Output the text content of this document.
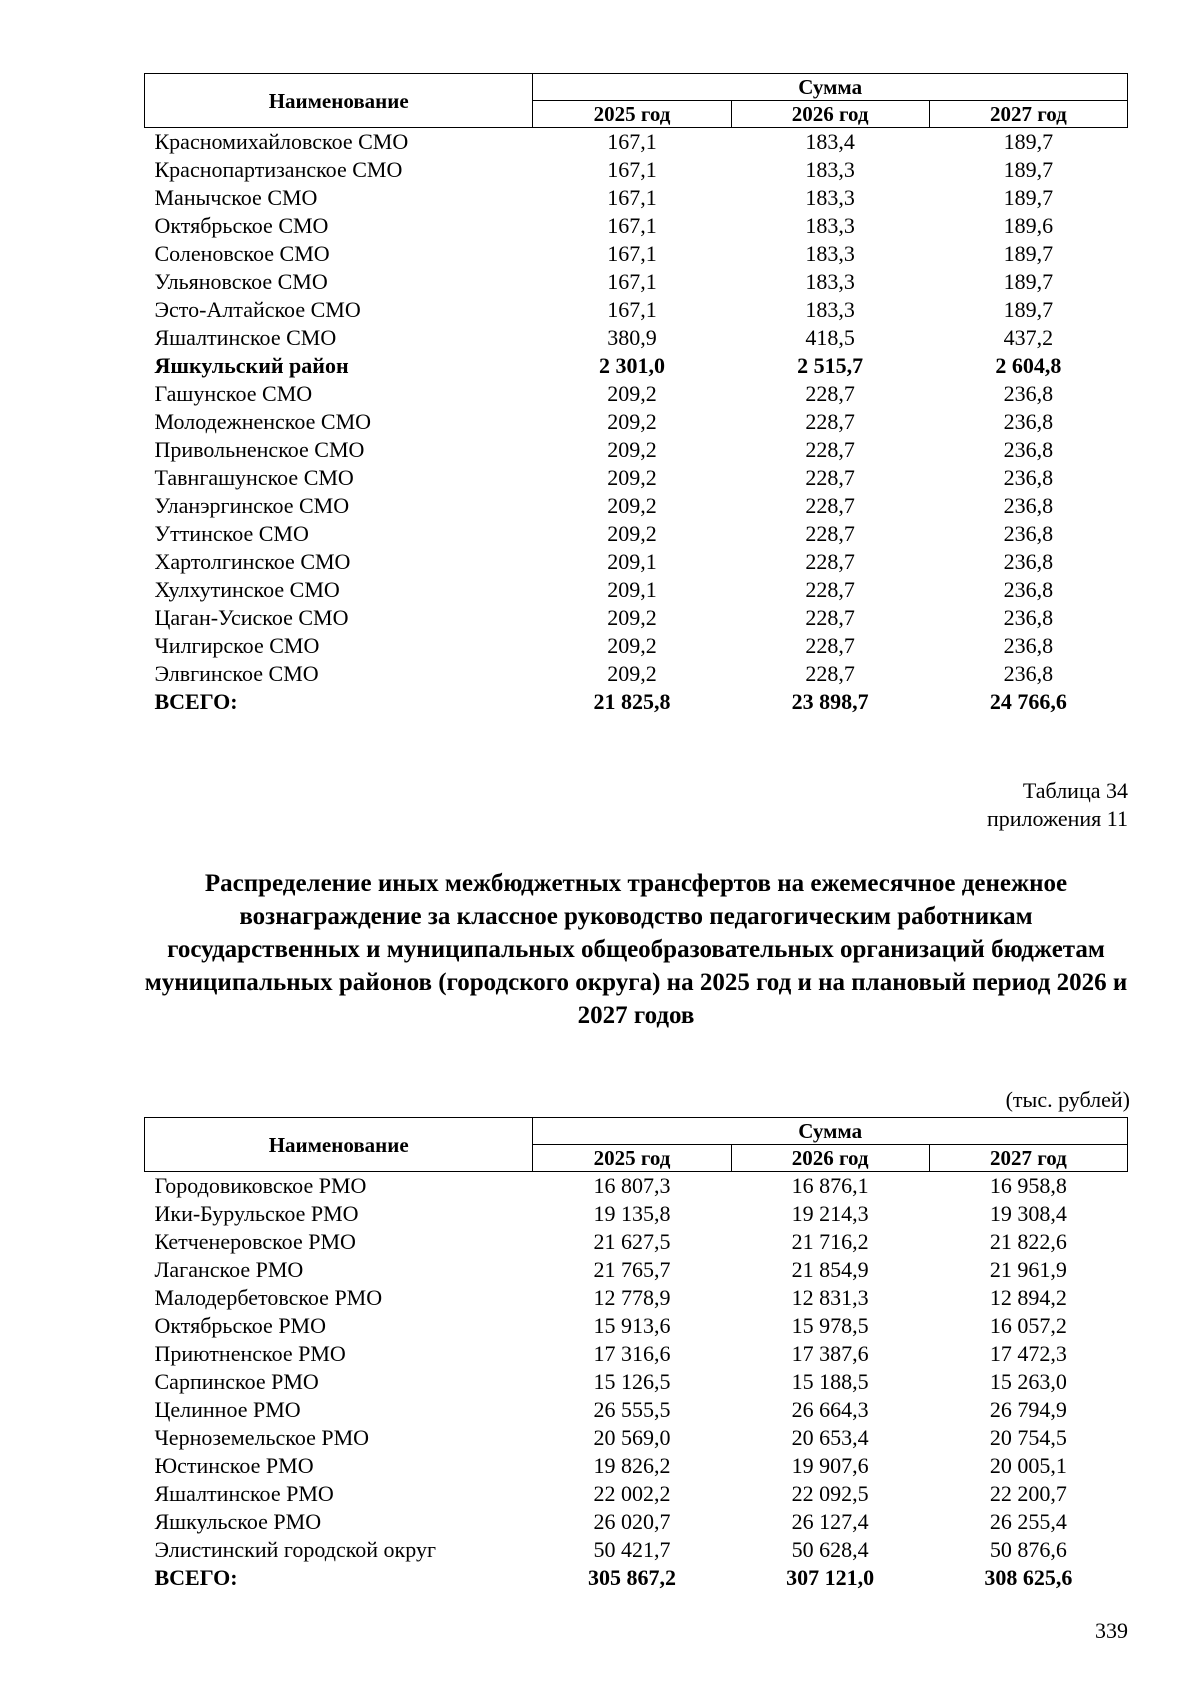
Наименование	Сумма		
	2025 год	2026 год	2027 год
Красномихайловское СМО	167,1	183,4	189,7
Краснопартизанское СМО	167,1	183,3	189,7
Манычское СМО	167,1	183,3	189,7
Октябрьское СМО	167,1	183,3	189,6
Соленовское СМО	167,1	183,3	189,7
Ульяновское СМО	167,1	183,3	189,7
Эсто-Алтайское СМО	167,1	183,3	189,7
Яшалтинское СМО	380,9	418,5	437,2
Яшкульский район	2 301,0	2 515,7	2 604,8
Гашунское СМО	209,2	228,7	236,8
Молодежненское СМО	209,2	228,7	236,8
Привольненское СМО	209,2	228,7	236,8
Тавнгашунское СМО	209,2	228,7	236,8
Уланэргинское СМО	209,2	228,7	236,8
Уттинское СМО	209,2	228,7	236,8
Хартолгинское СМО	209,1	228,7	236,8
Хулхутинское СМО	209,1	228,7	236,8
Цаган-Усиское СМО	209,2	228,7	236,8
Чилгирское СМО	209,2	228,7	236,8
Элвгинское СМО	209,2	228,7	236,8
ВСЕГО:	21 825,8	23 898,7	24 766,6
Таблица 34
приложения 11
Распределение иных межбюджетных трансфертов на ежемесячное денежное вознаграждение за классное руководство педагогическим работникам государственных и муниципальных общеобразовательных организаций бюджетам муниципальных районов (городского округа) на 2025 год и на плановый период 2026 и 2027 годов
(тыс. рублей)
Наименование	Сумма		
	2025 год	2026 год	2027 год
Городовиковское РМО	16 807,3	16 876,1	16 958,8
Ики-Бурульское РМО	19 135,8	19 214,3	19 308,4
Кетченеровское РМО	21 627,5	21 716,2	21 822,6
Лаганское РМО	21 765,7	21 854,9	21 961,9
Малодербетовское РМО	12 778,9	12 831,3	12 894,2
Октябрьское РМО	15 913,6	15 978,5	16 057,2
Приютненское РМО	17 316,6	17 387,6	17 472,3
Сарпинское РМО	15 126,5	15 188,5	15 263,0
Целинное РМО	26 555,5	26 664,3	26 794,9
Черноземельское РМО	20 569,0	20 653,4	20 754,5
Юстинское РМО	19 826,2	19 907,6	20 005,1
Яшалтинское РМО	22 002,2	22 092,5	22 200,7
Яшкульское РМО	26 020,7	26 127,4	26 255,4
Элистинский городской округ	50 421,7	50 628,4	50 876,6
ВСЕГО:	305 867,2	307 121,0	308 625,6
339
